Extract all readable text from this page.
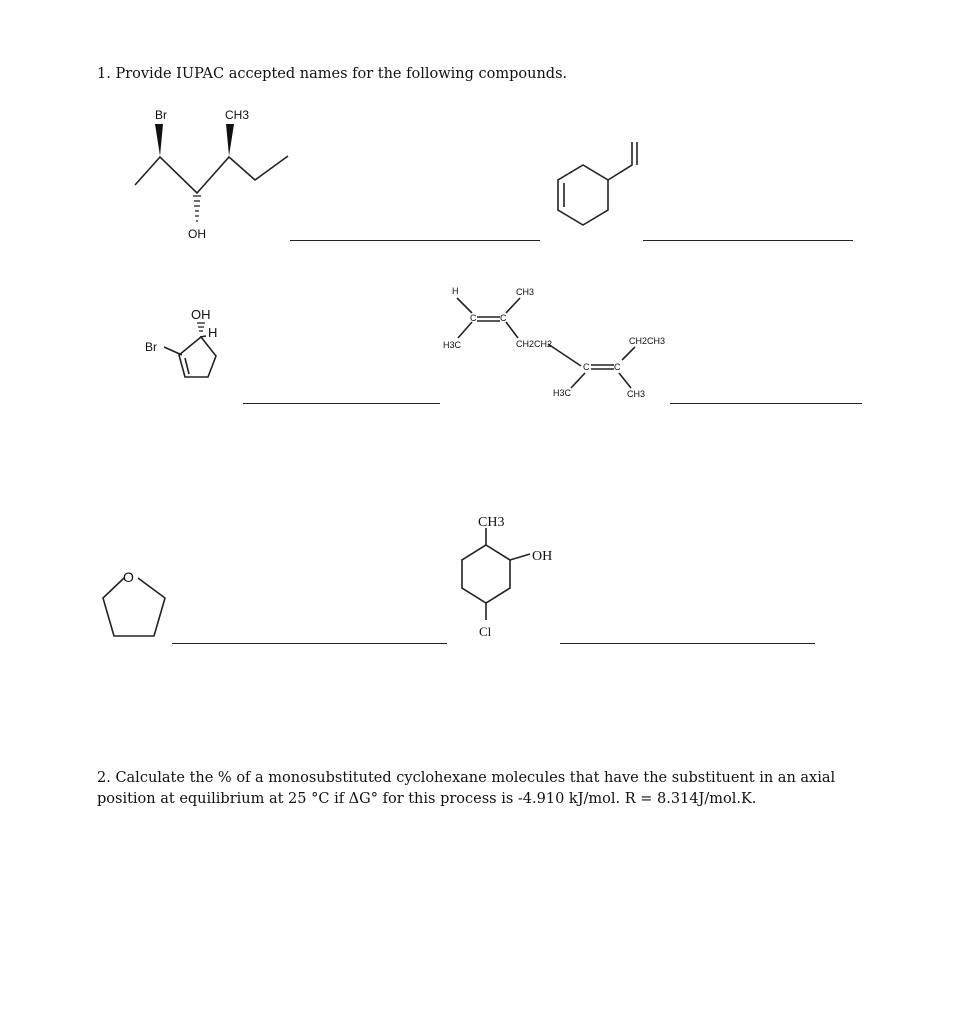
1. Provide IUPAC accepted names for the following compounds.

Br	CH3
OH
OH
H
Br
H	CH3
C	C
H3C	CH2CH2	CH2CH3
C	C
H3C	CH3
O
CH3
OH
Cl

2. Calculate the % of a monosubstituted cyclohexane molecules that have the substituent in an axial position at equilibrium at 25 °C if ΔG° for this process is -4.910 kJ/mol. R = 8.314J/mol.K.
